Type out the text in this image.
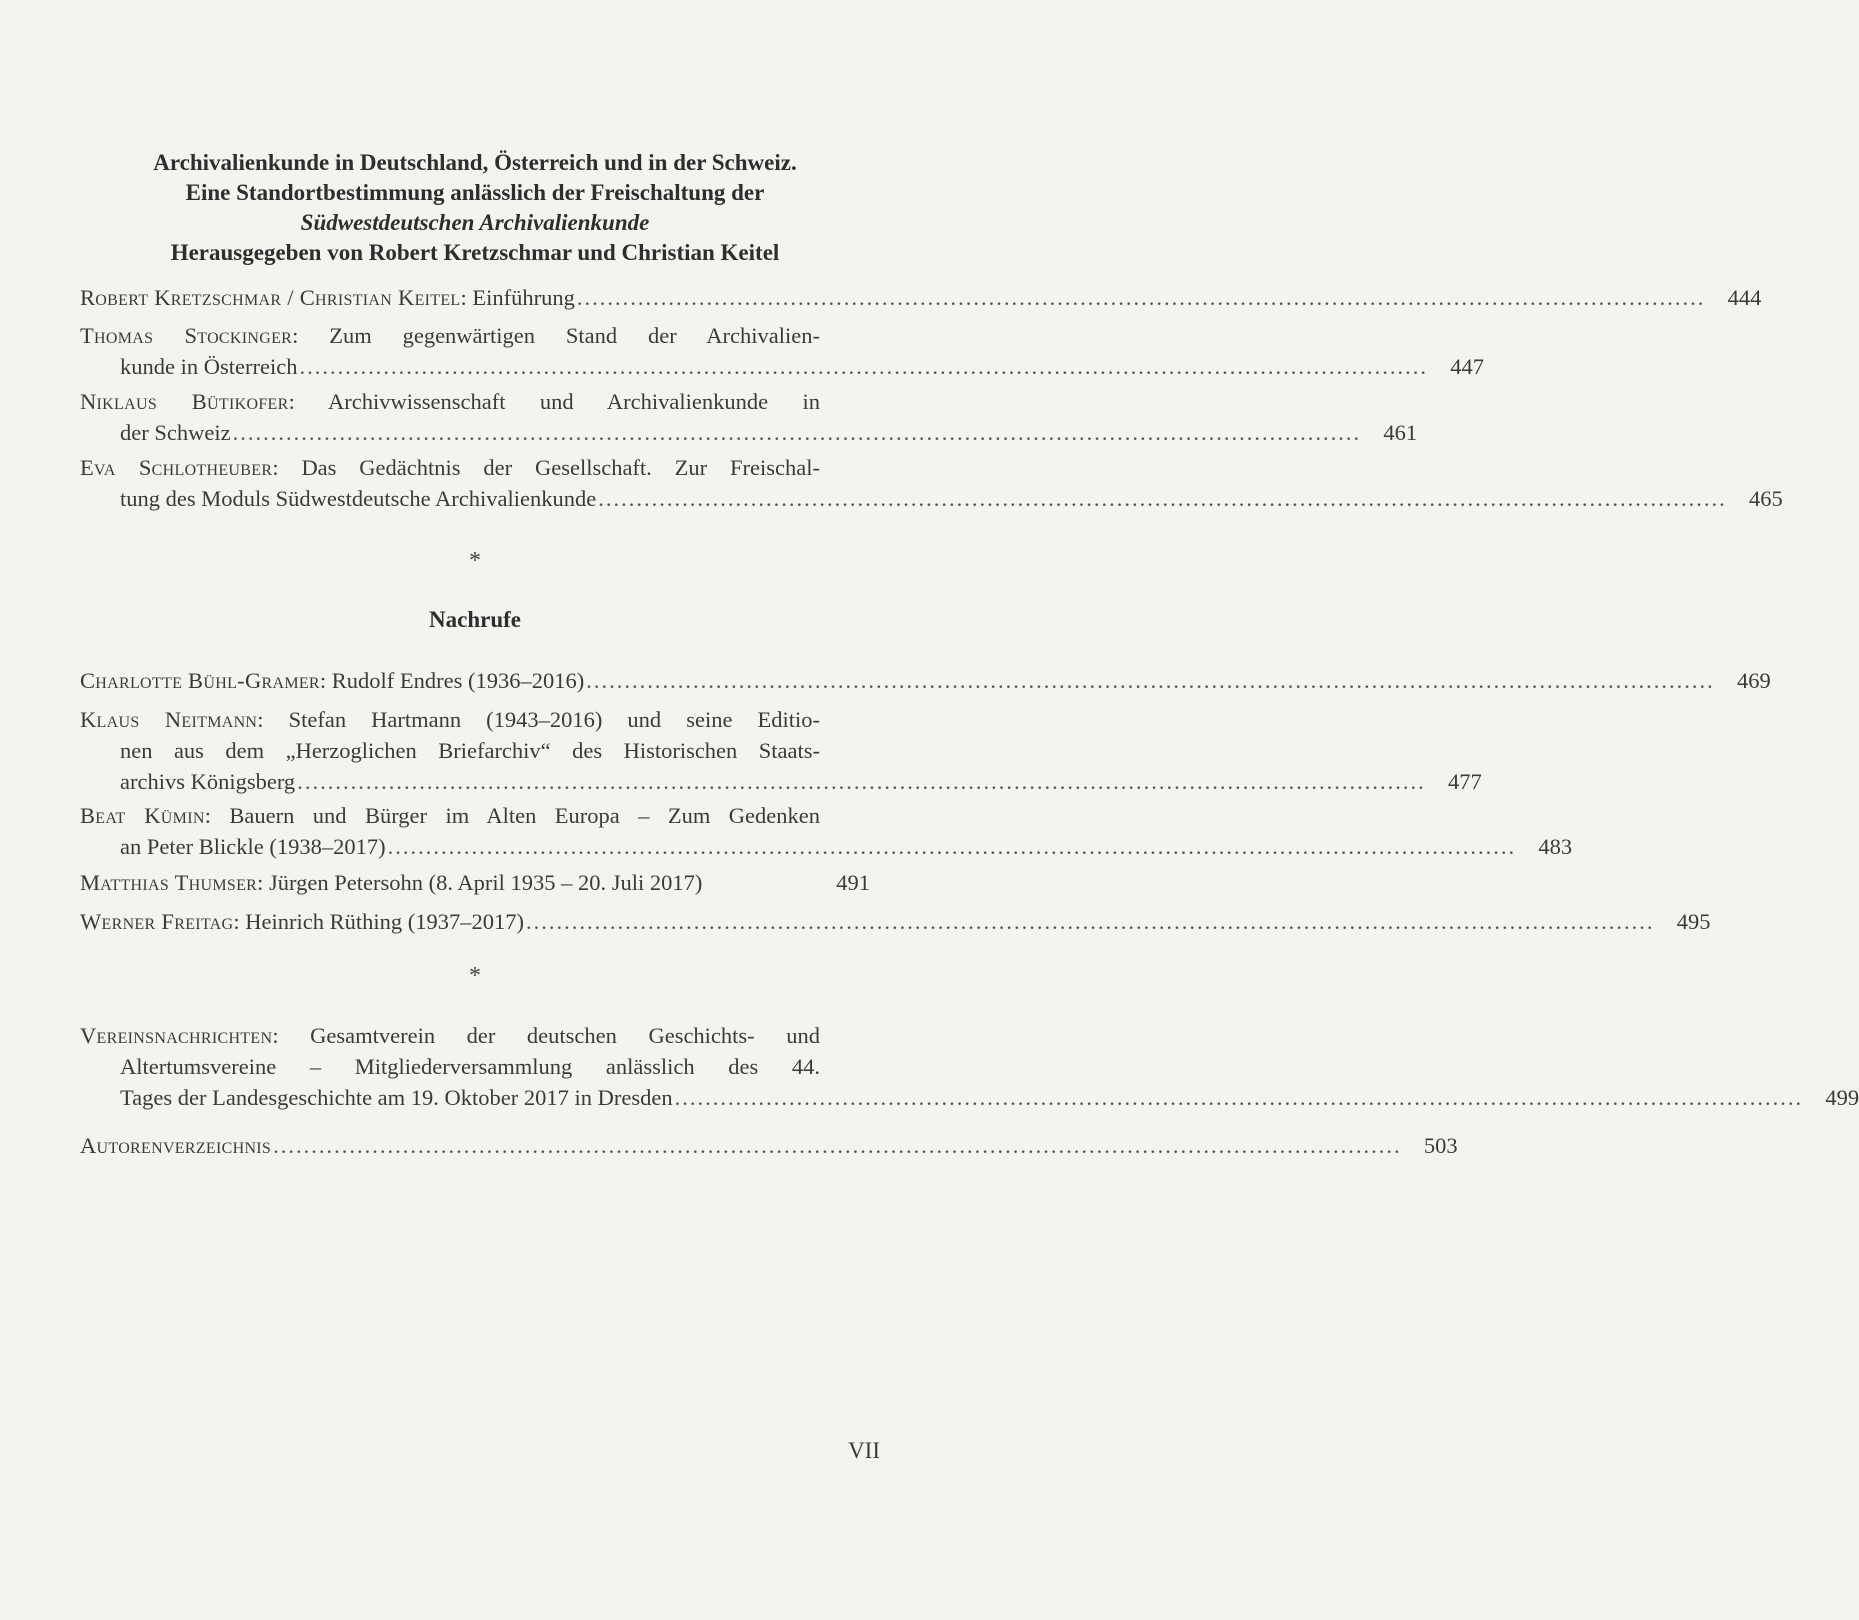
Archivalienkunde in Deutschland, Österreich und in der Schweiz.
Eine Standortbestimmung anlässlich der Freischaltung der
Südwestdeutschen Archivalienkunde
Herausgegeben von Robert Kretzschmar und Christian Keitel
Robert Kretzschmar / Christian Keitel: Einführung .................................................................................................................................................... 444
Thomas Stockinger: Zum gegenwärtigen Stand der Archivalien-
kunde in Österreich .................................................................................................................................................... 447
Niklaus Bütikofer: Archivwissenschaft und Archivalienkunde in
der Schweiz .................................................................................................................................................... 461
Eva Schlotheuber: Das Gedächtnis der Gesellschaft. Zur Freischal-
tung des Moduls Südwestdeutsche Archivalienkunde .................................................................................................................................................... 465
*
Nachrufe
Charlotte Bühl-Gramer: Rudolf Endres (1936–2016) .................................................................................................................................................... 469
Klaus Neitmann: Stefan Hartmann (1943–2016) und seine Editio-
nen aus dem „Herzoglichen Briefarchiv“ des Historischen Staats-
archivs Königsberg .................................................................................................................................................... 477
Beat Kümin: Bauern und Bürger im Alten Europa – Zum Gedenken
an Peter Blickle (1938–2017) .................................................................................................................................................... 483
Matthias Thumser: Jürgen Petersohn (8. April 1935 – 20. Juli 2017)	491
Werner Freitag: Heinrich Rüthing (1937–2017) .................................................................................................................................................... 495
*
Vereinsnachrichten: Gesamtverein der deutschen Geschichts- und
Altertumsvereine – Mitgliederversammlung anlässlich des 44.
Tages der Landesgeschichte am 19. Oktober 2017 in Dresden .................................................................................................................................................... 499
Autorenverzeichnis .................................................................................................................................................... 503
VII
